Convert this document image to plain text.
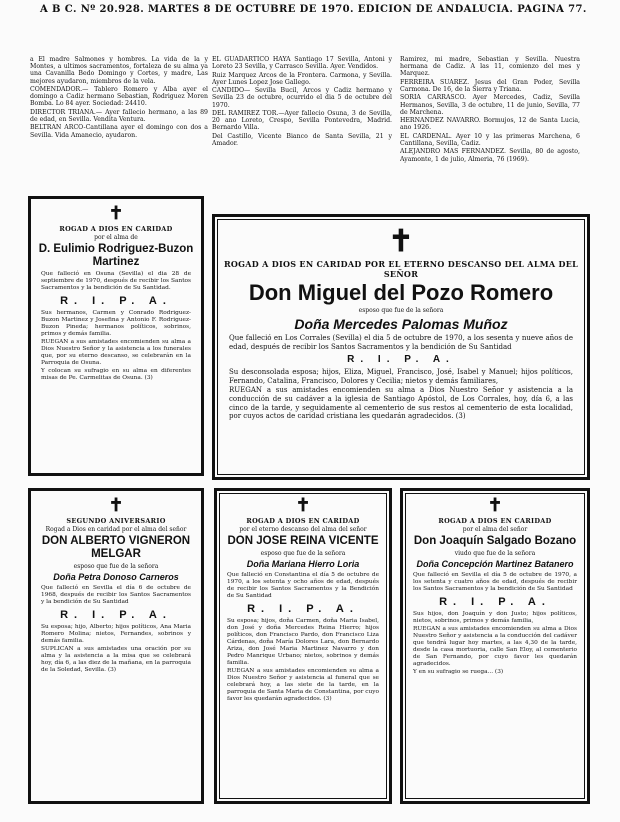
A B C. Nº 20.928. MARTES 8 DE OCTUBRE DE 1970. EDICION DE ANDALUCIA. PAGINA 77.

a El madre Salmones y hombres. La vida de la y Montes, a ultimos sacramentos, fortaleza de su alma ya una Cavanilla Bedo Domingo y Cortes, y madre, Las mejores ayudaron, miembros de la vela.

COMENDADOR.— Tablero Romero y Alba ayer el domingo a Cadiz hermano Sebastian, Rodriguez Moren Bomba. Lo 84 ayer. Sociedad: 24410.

DIRECTOR TRIANA.— Ayer fallecio hermano, a las 89 de edad, en Sevilla. Vendita Ventura.

BELTRAN ARCO-Cantillana ayer el domingo con dos a Sevilla. Vida Amanecio, ayudaron.

EL GUADARTICO HAYA Santiago 17 Sevilla, Antoni y Loreto 23 Sevilla, y Carrasco Sevilla. Ayer. Vendidos.

Ruiz Marquez Arcos de la Frontera. Carmona, y Sevilla. Ayer Lunes Lopez Jose Gallego.

CANDIDO— Sevilla Bucil, Arcos y Cadiz hermano y Sevilla 23 de octubre, ocurrido el dia 5 de octubre del 1970.

DEL RAMIREZ TOR.—Ayer fallecio Osuna, 3 de Sevilla, 20 ano Loreto, Crespo, Sevilla Pontevedra, Madrid. Bernardo Villa.

Del Castillo, Vicente Bianco de Santa Sevilla, 21 y Amador.

Ramirez, mi madre, Sebastian y Sevilla. Nuestra hermana de Cadiz. A las 11, comienzo del mes y Marquez.

FERREIRA SUAREZ. Jesus del Gran Poder, Sevilla Carmona. De 16, de la Sierra y Triana.

SORIA CARRASCO. Ayer Mercedes, Cadiz, Sevilla Hermanos, Sevilla, 3 de octubre, 11 de junio, Sevilla, 77 de Marchena.

HERNANDEZ NAVARRO. Bormujos, 12 de Santa Lucia, ano 1926.

EL CARDENAL. Ayer 10 y las primeras Marchena, 6 Cantillana, Sevilla, Cadiz.

ALEJANDRO MAS FERNANDEZ. Sevilla, 80 de agosto, Ayamonte, 1 de julio, Almeria, 76 (1969).

✝
ROGAD A DIOS EN CARIDAD
por el alma de
D. Eulimio Rodriguez-Buzon Martinez
Que falleció en Osuna (Sevilla) el dia 28 de septiembre de 1970, después de recibir los Santos Sacramentos y la bendición de Su Santidad.
R. I. P. A.
Sus hermanos, Carmen y Conrado Rodriguez-Buzon Martinez y Josefina y Antonio F. Rodriguez-Buzon Pineda; hermanos políticos, sobrinos, primos y demás familia.
RUEGAN a sus amistades encomienden su alma a Dios Nuestro Señor y la asistencia a los funerales que, por su eterno descanso, se celebrarán en la Parroquia de Osuna.
Y colocan su sufragio en su alma en diferentes misas de Pe. Carmelitas de Osuna. (3)
✝
ROGAD A DIOS EN CARIDAD POR EL ETERNO DESCANSO DEL ALMA DEL SEÑOR
Don Miguel del Pozo Romero
esposo que fue de la señora
Doña Mercedes Palomas Muñoz
Que falleció en Los Corrales (Sevilla) el dia 5 de octubre de 1970, a los sesenta y nueve años de edad, después de recibir los Santos Sacramentos y la bendición de Su Santidad
R. I. P. A.
Su desconsolada esposa; hijos, Eliza, Miguel, Francisco, José, Isabel y Manuel; hijos políticos, Fernando, Catalina, Francisco, Dolores y Cecilia; nietos y demás familiares,
RUEGAN a sus amistades encomienden su alma a Dios Nuestro Señor y asistencia a la conducción de su cadáver a la iglesia de Santiago Apóstol, de Los Corrales, hoy, día 6, a las cinco de la tarde, y seguidamente al cementerio de sus restos al cementerio de esta localidad, por cuyos actos de caridad cristiana les quedarán agradecidos. (3)
✝
SEGUNDO ANIVERSARIO
Rogad a Dios en caridad por el alma del señor
DON ALBERTO VIGNERON MELGAR
esposo que fue de la señora
Doña Petra Donoso Carneros
Que falleció en Sevilla el día 6 de octubre de 1968, después de recibir los Santos Sacramentos y la bendición de Su Santidad
R. I. P. A.
Su esposa; hijo, Alberto; hijos políticos, Ana Maria Romero Molina; nietos, Fernandes, sobrinos y demás familia.
SUPLICAN a sus amistades una oración por su alma y la asistencia a la misa que se celebrará hoy, día 6, a las diez de la mañana, en la parroquia de la Soledad, Sevilla. (3)
✝
ROGAD A DIOS EN CARIDAD
por el eterno descanso del alma del señor
DON JOSE REINA VICENTE
esposo que fue de la señora
Doña Mariana Hierro Loria
Que falleció en Constantina el día 5 de octubre de 1970, a los setenta y ocho años de edad, después de recibir los Santos Sacramentos y la Bendición de Su Santidad
R. I. P. A.
Su esposa; hijos, doña Carmen, doña Maria Isabel, don José y doña Mercedes Reina Hierro; hijos políticos, don Francisco Pardo, don Francisco Liza Cárdenas, doña María Dolores Lara, don Bernardo Ariza, don José Maria Martinez Navarro y don Pedro Manrique Urbano; nietos, sobrinos y demás familia.
RUEGAN a sus amistades encomienden su alma a Dios Nuestro Señor y asistencia al funeral que se celebrará hoy, a las siete de la tarde, en la parroquia de Santa Maria de Constantina, por cuyo favor les quedarán agradecidos. (3)
✝
ROGAD A DIOS EN CARIDAD
por el alma del señor
Don Joaquín Salgado Bozano
viudo que fue de la señora
Doña Concepción Martinez Batanero
Que falleció en Sevilla el día 5 de octubre de 1970, a los setenta y cuatro años de edad, después de recibir los Santos Sacramentos y la bendición de Su Santidad
R. I. P. A.
Sus hijos, don Joaquín y don Justo; hijos políticos, nietos, sobrinos, primos y demás familia,
RUEGAN a sus amistades encomienden su alma a Dios Nuestro Señor y asistencia a la conducción del cadáver que tendrá lugar hoy martes, a las 4,30 de la tarde, desde la casa mortuoria, calle San Eloy, al cementerio de San Fernando, por cuyo favor les quedarán agradecidos.
Y en su sufragio se ruega... (3)
